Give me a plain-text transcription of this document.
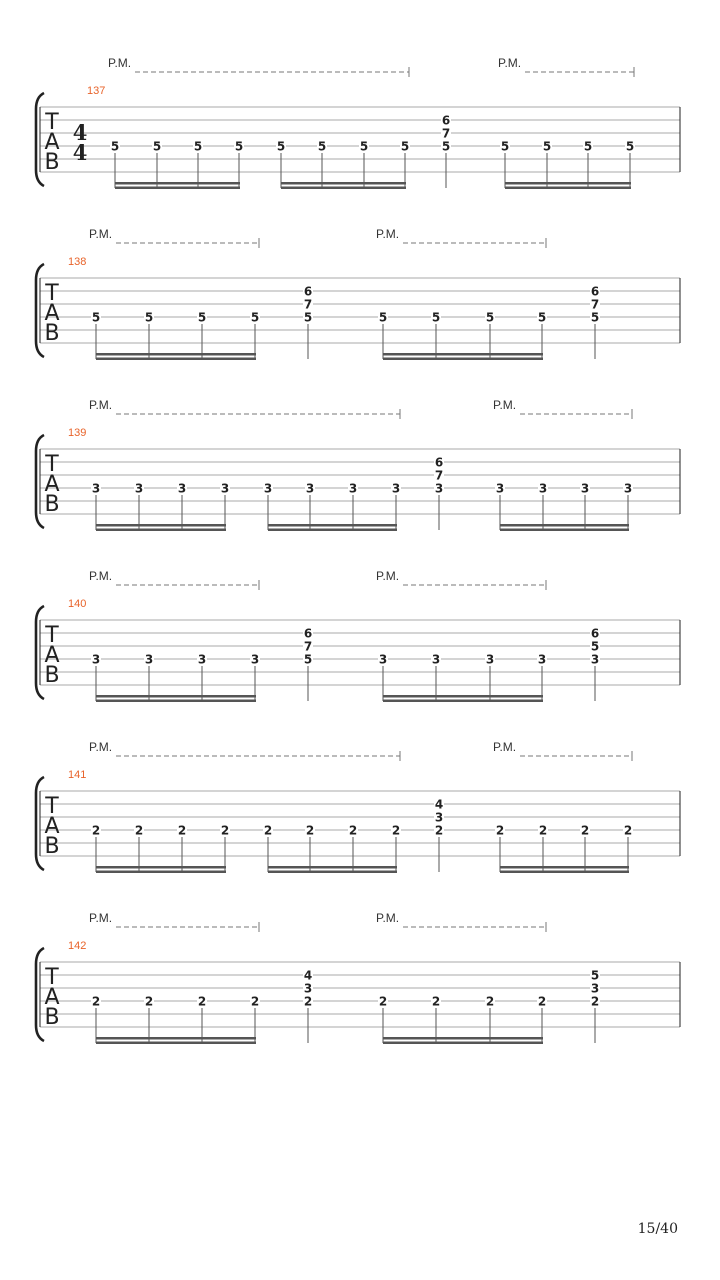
T
A
B
4
4
137
5	5	5	5	5	5	5	5
6
7
5	5	5	5	5
P.M.	P.M.
T
A
B
138
5	5	5	5
6
7
5	5	5	5	5
6
7
5
P.M.	P.M.
T
A
B
139
3	3	3	3	3	3	3	3
6
7
3	3	3	3	3
P.M.	P.M.
T
A
B
140
3	3	3	3
6
7
5	3	3	3	3
6
5
3
P.M.	P.M.
T
A
B
141
2	2	2	2	2	2	2	2
4
3
2	2	2	2	2
P.M.	P.M.
T
A
B
142
2	2	2	2
4
3
2	2	2	2	2
5
3
2
P.M.	P.M.
15/40
